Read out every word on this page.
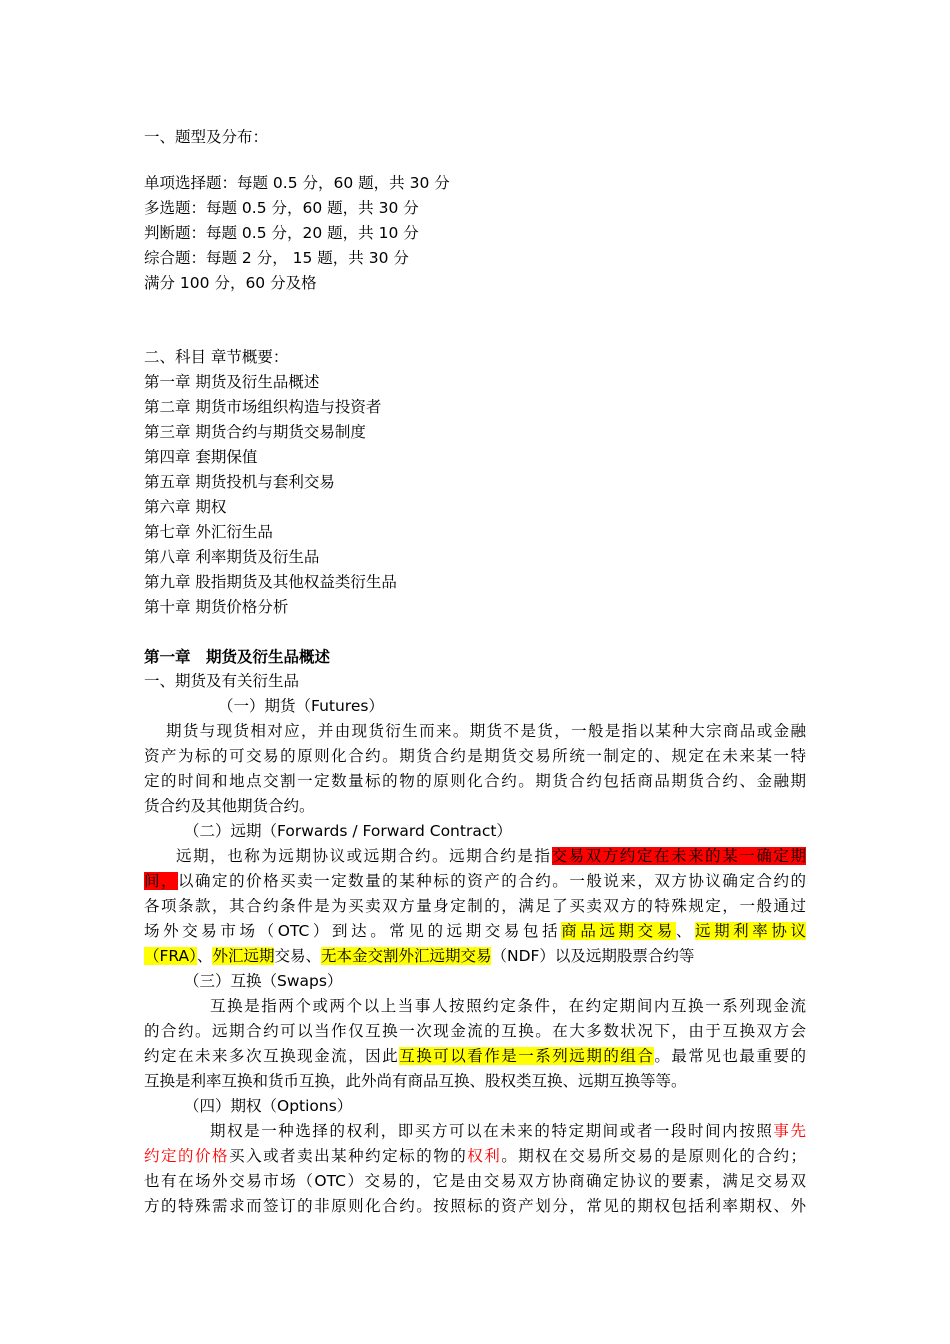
一、题型及分布：
单项选择题：每题 0.5 分，60 题，共 30 分
多选题：每题 0.5 分，60 题，共 30 分
判断题：每题 0.5 分，20 题，共 10 分
综合题：每题 2 分， 15 题，共 30 分
满分 100 分，60 分及格
二、科目 章节概要：
第一章 期货及衍生品概述
第二章 期货市场组织构造与投资者
第三章 期货合约与期货交易制度
第四章 套期保值
第五章 期货投机与套利交易
第六章 期权
第七章 外汇衍生品
第八章 利率期货及衍生品
第九章 股指期货及其他权益类衍生品
第十章 期货价格分析
第一章　期货及衍生品概述
一、期货及有关衍生品
（一）期货（Futures）
期货与现货相对应，并由现货衍生而来。期货不是货，一般是指以某种大宗商品或金融
资产为标的可交易的原则化合约。期货合约是期货交易所统一制定的、规定在未来某一特
定的时间和地点交割一定数量标的物的原则化合约。期货合约包括商品期货合约、金融期
货合约及其他期货合约。
（二）远期（Forwards / Forward Contract）
远期，也称为远期协议或远期合约。远期合约是指交易双方约定在未来的某一确定期
间，以确定的价格买卖一定数量的某种标的资产的合约。一般说来，双方协议确定合约的
各项条款，其合约条件是为买卖双方量身定制的，满足了买卖双方的特殊规定，一般通过
场外交易市场（OTC）到达。常见的远期交易包括商品远期交易、远期利率协议
（FRA）、外汇远期交易、无本金交割外汇远期交易（NDF）以及远期股票合约等
（三）互换（Swaps）
互换是指两个或两个以上当事人按照约定条件，在约定期间内互换一系列现金流
的合约。远期合约可以当作仅互换一次现金流的互换。在大多数状况下，由于互换双方会
约定在未来多次互换现金流，因此互换可以看作是一系列远期的组合。最常见也最重要的
互换是利率互换和货币互换，此外尚有商品互换、股权类互换、远期互换等等。
（四）期权（Options）
期权是一种选择的权利，即买方可以在未来的特定期间或者一段时间内按照事先
约定的价格买入或者卖出某种约定标的物的权利。期权在交易所交易的是原则化的合约；
也有在场外交易市场（OTC）交易的，它是由交易双方协商确定协议的要素，满足交易双
方的特殊需求而签订的非原则化合约。按照标的资产划分，常见的期权包括利率期权、外
